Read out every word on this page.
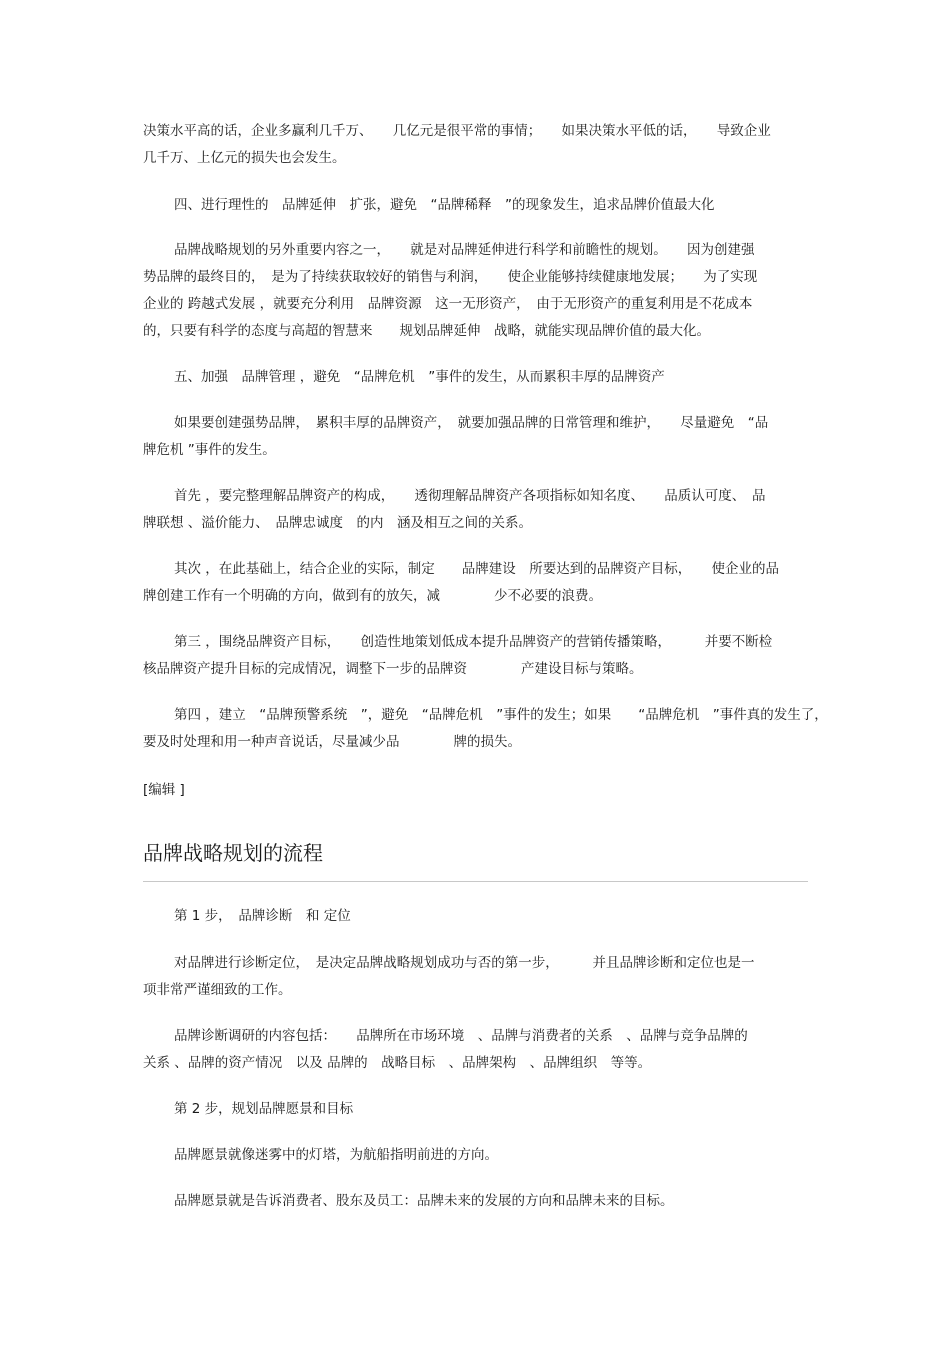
决策水平高的话，企业多赢利几千万、　　几亿元是很平常的事情；　　如果决策水平低的话，　　导致企业
几千万、上亿元的损失也会发生。
四、进行理性的　品牌延伸　扩张，避免　“品牌稀释　”的现象发生，追求品牌价值最大化
品牌战略规划的另外重要内容之一，　　就是对品牌延伸进行科学和前瞻性的规划。　　因为创建强
势品牌的最终目的，　是为了持续获取较好的销售与利润，　　使企业能够持续健康地发展；　　为了实现
企业的 跨越式发展 ，就要充分利用　品牌资源　这一无形资产，　由于无形资产的重复利用是不花成本
的，只要有科学的态度与高超的智慧来　　规划品牌延伸　战略，就能实现品牌价值的最大化。
五、加强　品牌管理 ，避免　“品牌危机　”事件的发生，从而累积丰厚的品牌资产
如果要创建强势品牌，　累积丰厚的品牌资产，　就要加强品牌的日常管理和维护，　　尽量避免　“品
牌危机 ”事件的发生。
首先 ，要完整理解品牌资产的构成，　　透彻理解品牌资产各项指标如知名度、　　品质认可度、　品
牌联想 、溢价能力、　品牌忠诚度　的内　涵及相互之间的关系。
其次 ，在此基础上，结合企业的实际，制定　　品牌建设　所要达到的品牌资产目标，　　使企业的品
牌创建工作有一个明确的方向，做到有的放矢，减　　　　少不必要的浪费。
第三 ，围绕品牌资产目标，　　创造性地策划低成本提升品牌资产的营销传播策略，　　　并要不断检
核品牌资产提升目标的完成情况，调整下一步的品牌资　　　　产建设目标与策略。
第四 ，建立　“品牌预警系统　”，避免　“品牌危机　”事件的发生；如果　　“品牌危机　”事件真的发生了，
要及时处理和用一种声音说话，尽量减少品　　　　牌的损失。
[编辑 ]
品牌战略规划的流程
第 1 步，　品牌诊断　和 定位
对品牌进行诊断定位，　是决定品牌战略规划成功与否的第一步，　　　并且品牌诊断和定位也是一
项非常严谨细致的工作。
品牌诊断调研的内容包括：　　品牌所在市场环境　、品牌与消费者的关系　、品牌与竞争品牌的
关系 、品牌的资产情况　以及 品牌的　战略目标　、品牌架构　、品牌组织　等等。
第 2 步，规划品牌愿景和目标
品牌愿景就像迷雾中的灯塔，为航船指明前进的方向。
品牌愿景就是告诉消费者、股东及员工：品牌未来的发展的方向和品牌未来的目标。
